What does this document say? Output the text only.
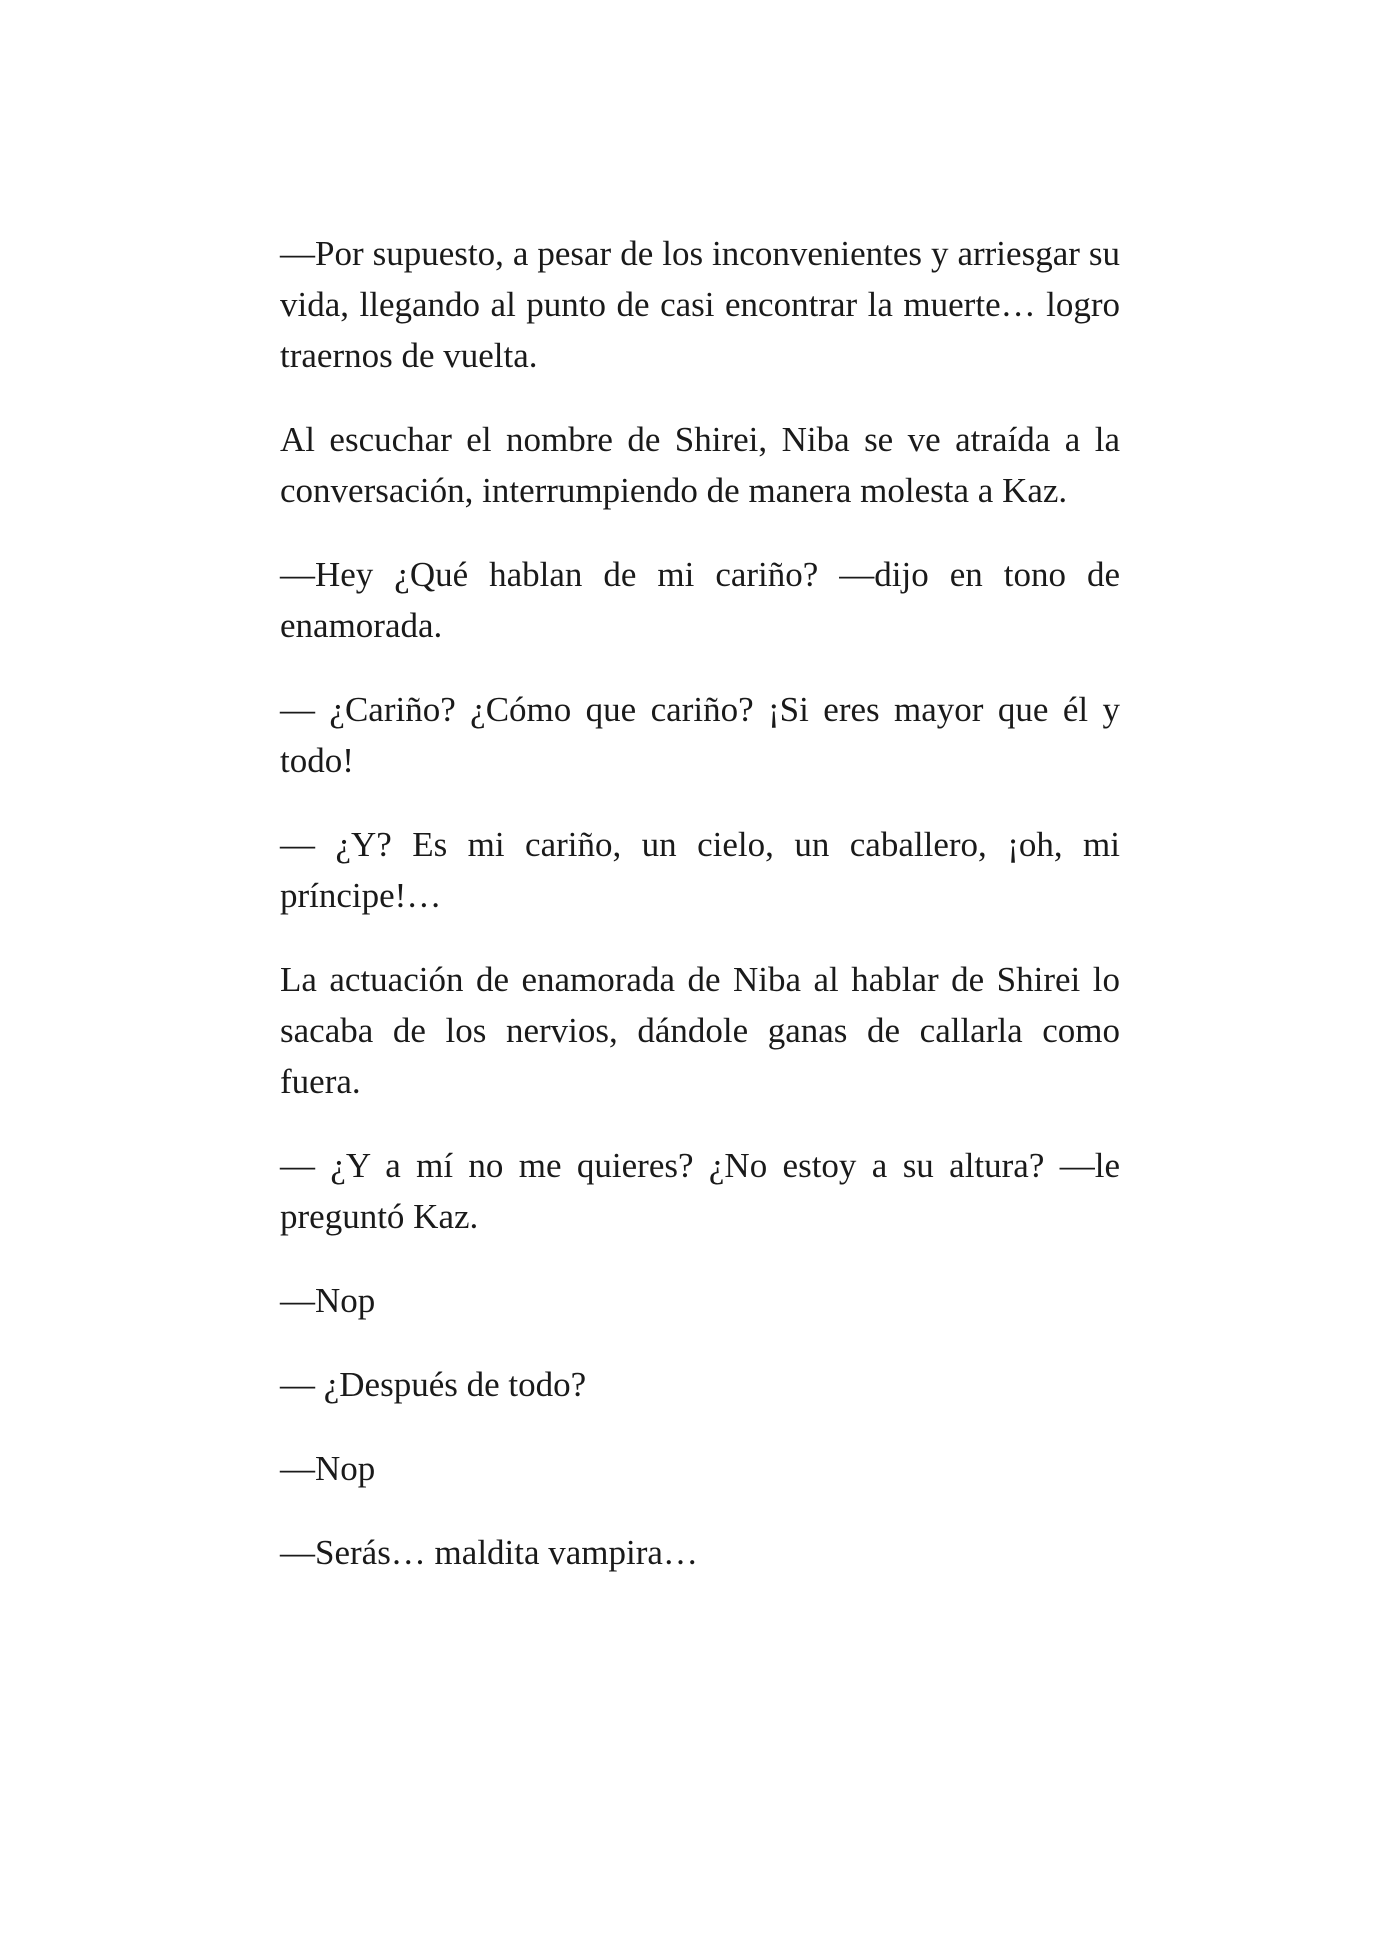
—Por supuesto, a pesar de los inconvenientes y arriesgar su vida, llegando al punto de casi encontrar la muerte… logro traernos de vuelta.

Al escuchar el nombre de Shirei, Niba se ve atraída a la conversación, interrumpiendo de manera molesta a Kaz.

—Hey ¿Qué hablan de mi cariño? —dijo en tono de enamorada.

— ¿Cariño? ¿Cómo que cariño? ¡Si eres mayor que él y todo!

— ¿Y? Es mi cariño, un cielo, un caballero, ¡oh, mi príncipe!…

La actuación de enamorada de Niba al hablar de Shirei lo sacaba de los nervios, dándole ganas de callarla como fuera.

— ¿Y a mí no me quieres? ¿No estoy a su altura? —le preguntó Kaz.

—Nop

— ¿Después de todo?

—Nop

—Serás… maldita vampira…
